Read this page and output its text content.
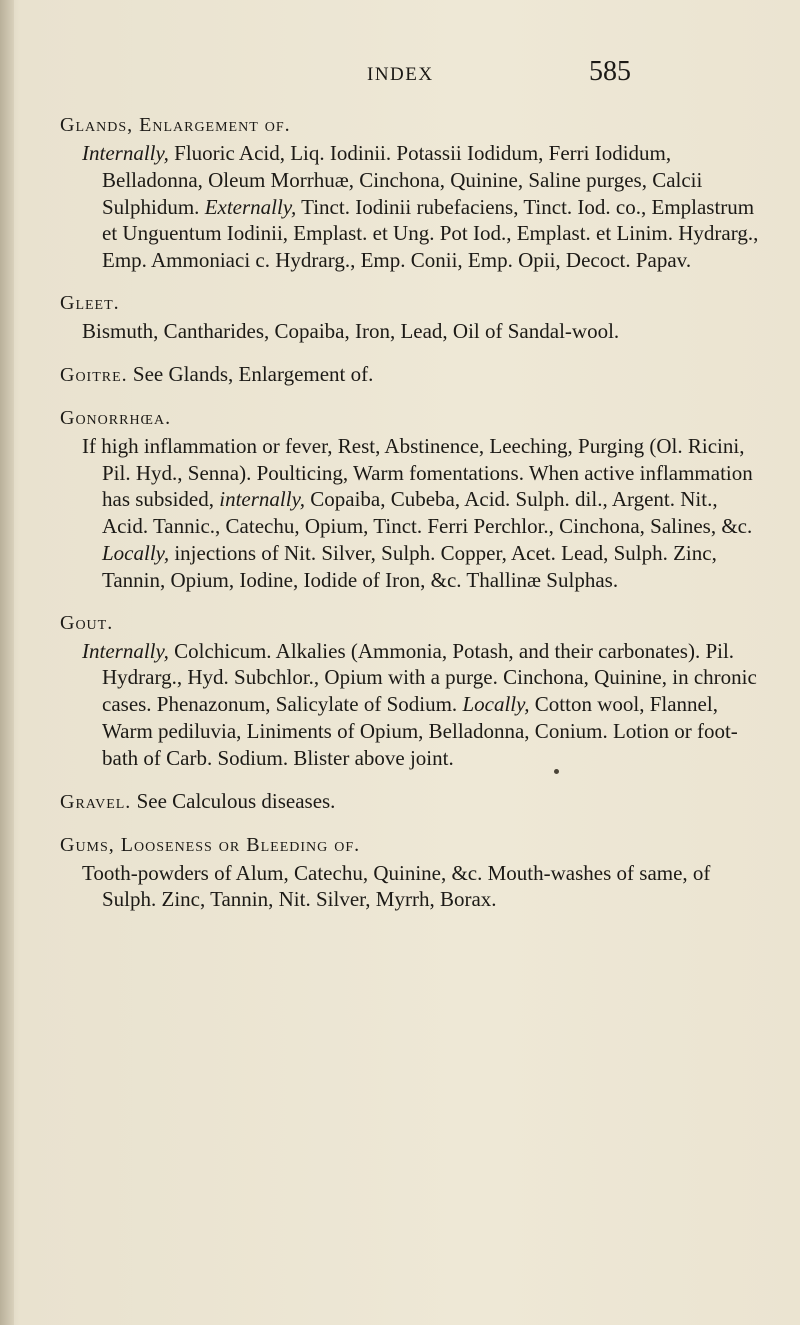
INDEX	585

Glands, Enlargement of.

Internally, Fluoric Acid, Liq. Iodinii. Potassii Iodidum, Ferri Iodidum, Belladonna, Oleum Morrhuæ, Cinchona, Quinine, Saline purges, Calcii Sulphidum. Externally, Tinct. Iodinii rubefaciens, Tinct. Iod. co., Emplastrum et Unguentum Iodinii, Emplast. et Ung. Pot Iod., Emplast. et Linim. Hydrarg., Emp. Ammoniaci c. Hydrarg., Emp. Conii, Emp. Opii, Decoct. Papav.

Gleet.

Bismuth, Cantharides, Copaiba, Iron, Lead, Oil of Sandal-wool.

Goitre. See Glands, Enlargement of.

Gonorrhœa.

If high inflammation or fever, Rest, Abstinence, Leeching, Purging (Ol. Ricini, Pil. Hyd., Senna). Poulticing, Warm fomentations. When active inflammation has subsided, internally, Copaiba, Cubeba, Acid. Sulph. dil., Argent. Nit., Acid. Tannic., Catechu, Opium, Tinct. Ferri Perchlor., Cinchona, Salines, &c. Locally, injections of Nit. Silver, Sulph. Copper, Acet. Lead, Sulph. Zinc, Tannin, Opium, Iodine, Iodide of Iron, &c. Thallinæ Sulphas.

Gout.

Internally, Colchicum. Alkalies (Ammonia, Potash, and their carbonates). Pil. Hydrarg., Hyd. Subchlor., Opium with a purge. Cinchona, Quinine, in chronic cases. Phenazonum, Salicylate of Sodium. Locally, Cotton wool, Flannel, Warm pediluvia, Liniments of Opium, Belladonna, Conium. Lotion or foot-bath of Carb. Sodium. Blister above joint.

Gravel. See Calculous diseases.

Gums, Looseness or Bleeding of.

Tooth-powders of Alum, Catechu, Quinine, &c. Mouth-washes of same, of Sulph. Zinc, Tannin, Nit. Silver, Myrrh, Borax.
